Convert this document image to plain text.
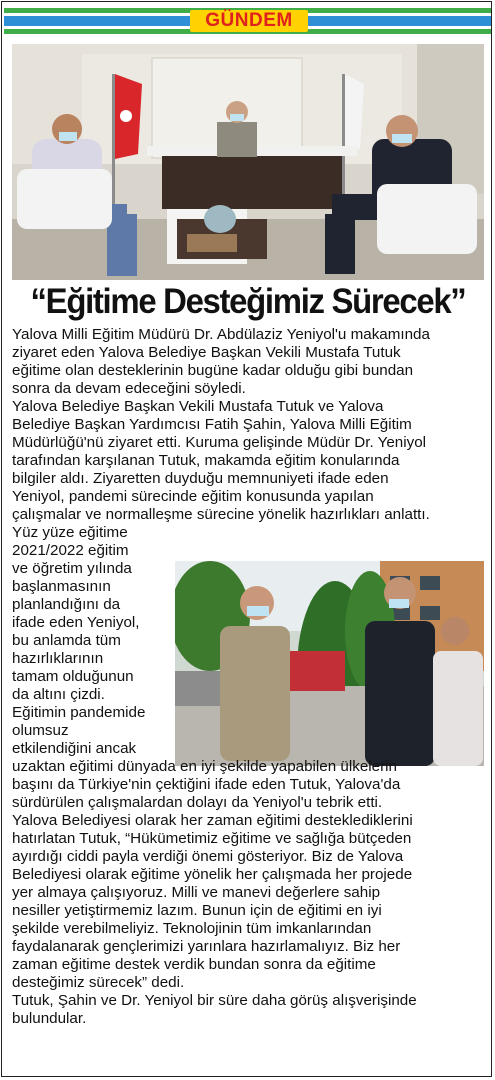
GÜNDEM
“Eğitime Desteğimiz Sürecek”
Yalova Milli Eğitim Müdürü Dr. Abdülaziz Yeniyol'u makamında
ziyaret eden Yalova Belediye Başkan Vekili Mustafa Tutuk
eğitime olan desteklerinin bugüne kadar olduğu gibi bundan
sonra da devam edeceğini söyledi.
Yalova Belediye Başkan Vekili Mustafa Tutuk ve Yalova
Belediye Başkan Yardımcısı Fatih Şahin, Yalova Milli Eğitim
Müdürlüğü'nü ziyaret etti. Kuruma gelişinde Müdür Dr. Yeniyol
tarafından karşılanan Tutuk, makamda eğitim konularında
bilgiler aldı. Ziyaretten duyduğu memnuniyeti ifade eden
Yeniyol, pandemi sürecinde eğitim konusunda yapılan
çalışmalar ve normalleşme sürecine yönelik hazırlıkları anlattı.
Yüz yüze eğitime
2021/2022 eğitim
ve öğretim yılında
başlanmasının
planlandığını da
ifade eden Yeniyol,
bu anlamda tüm
hazırlıklarının
tamam olduğunun
da altını çizdi.
Eğitimin pandemide
olumsuz
etkilendiğini ancak
uzaktan eğitimi dünyada en iyi şekilde yapabilen ülkelerin
başını da Türkiye'nin çektiğini ifade eden Tutuk, Yalova'da
sürdürülen çalışmalardan dolayı da Yeniyol'u tebrik etti.
Yalova Belediyesi olarak her zaman eğitimi desteklediklerini
hatırlatan Tutuk, “Hükümetimiz eğitime ve sağlığa bütçeden
ayırdığı ciddi payla verdiği önemi gösteriyor. Biz de Yalova
Belediyesi olarak eğitime yönelik her çalışmada her projede
yer almaya çalışıyoruz. Milli ve manevi değerlere sahip
nesiller yetiştirmemiz lazım. Bunun için de eğitimi en iyi
şekilde verebilmeliyiz. Teknolojinin tüm imkanlarından
faydalanarak gençlerimizi yarınlara hazırlamalıyız. Biz her
zaman eğitime destek verdik bundan sonra da eğitime
desteğimiz sürecek” dedi.
Tutuk, Şahin ve Dr. Yeniyol bir süre daha görüş alışverişinde
bulundular.
